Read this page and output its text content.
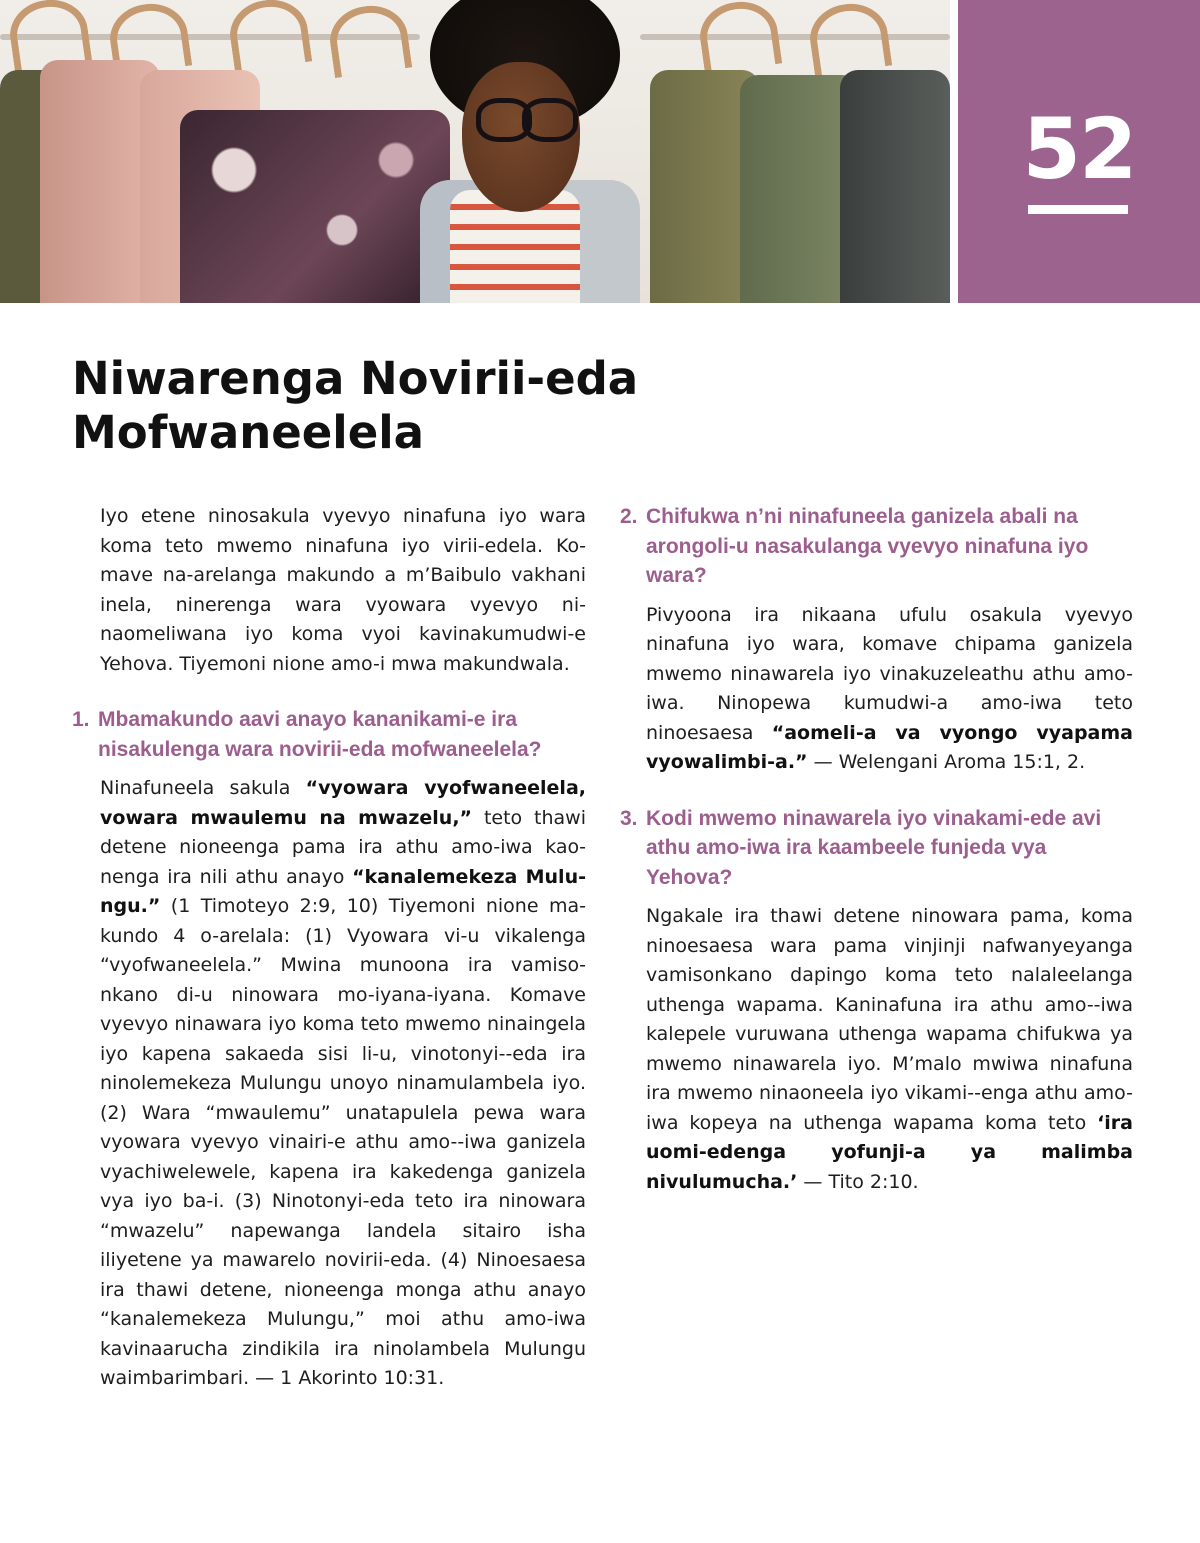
52
Niwarenga Novirii-eda Mofwaneelela

Iyo etene ninosakula vyevyo ninafuna iyo wara koma teto mwemo ninafuna iyo virii-edela. Komave na-arelanga makundo a m’Baibulo vakhani inela, ninerenga wara vyowara vyevyo ninaomeliwana iyo koma vyoi kavinakumudwi-e Yehova. Tiyemoni nione amo-i mwa makundwala.

1. Mbamakundo aavi anayo kananikami-e ira nisakulenga wara novirii-eda mofwaneelela?

Ninafuneela sakula “vyowara vyofwaneelela, vowara mwaulemu na mwazelu,” teto thawi detene nioneenga pama ira athu amo-iwa kaonenga ira nili athu anayo “kanalemekeza Mulungu.” (1 Timoteyo 2:9, 10) Tiyemoni nione makundo 4 o-arelala: (1) Vyowara vi-u vikalenga “vyofwaneelela.” Mwina munoona ira vamisonkano di-u ninowara mo-iyana-iyana. Komave vyevyo ninawara iyo koma teto mwemo ninaingela iyo kapena sakaeda sisi li-u, vinotonyi--eda ira ninolemekeza Mulungu unoyo ninamulambela iyo. (2) Wara “mwaulemu” unatapulela pewa wara vyowara vyevyo vinairi-e athu amo--iwa ganizela vyachiwelewele, kapena ira kakedenga ganizela vya iyo ba-i. (3) Ninotonyi-eda teto ira ninowara “mwazelu” napewanga landela sitairo isha iliyetene ya mawarelo novirii-eda. (4) Ninoesaesa ira thawi detene, nioneenga monga athu anayo “kanalemekeza Mulungu,” moi athu amo-iwa kavinaarucha zindikila ira ninolambela Mulungu waimbarimbari. — 1 Akorinto 10:31.

2. Chifukwa n’ni ninafuneela ganizela abali na arongoli-u nasakulanga vyevyo ninafuna iyo wara?

Pivyoona ira nikaana ufulu osakula vyevyo ninafuna iyo wara, komave chipama ganizela mwemo ninawarela iyo vinakuzeleathu athu amo-iwa. Ninopewa kumudwi-a amo-iwa teto ninoesaesa “aomeli-a va vyongo vyapama vyowalimbi-a.” — Welengani Aroma 15:1, 2.

3. Kodi mwemo ninawarela iyo vinakami-ede avi athu amo-iwa ira kaambeele funjeda vya Yehova?

Ngakale ira thawi detene ninowara pama, koma ninoesaesa wara pama vinjinji nafwanyeyanga vamisonkano dapingo koma teto nalaleelanga uthenga wapama. Kaninafuna ira athu amo--iwa kalepele vuruwana uthenga wapama chifukwa ya mwemo ninawarela iyo. M’malo mwiwa ninafuna ira mwemo ninaoneela iyo vikami--enga athu amo-iwa kopeya na uthenga wapama koma teto ‘ira uomi-edenga yofunji-a ya malimba nivulumucha.’ — Tito 2:10.
